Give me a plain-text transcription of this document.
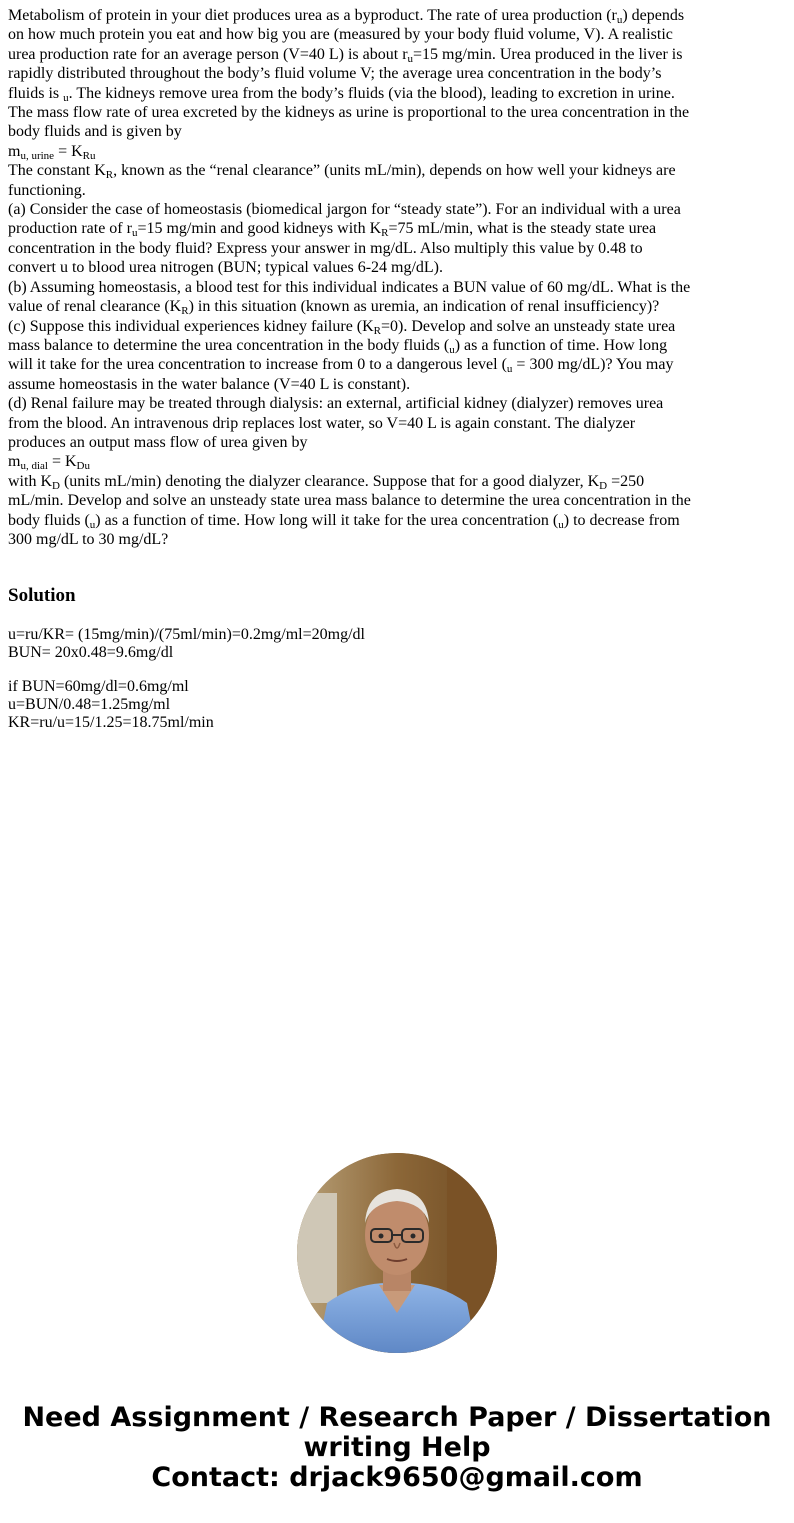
Metabolism of protein in your diet produces urea as a byproduct. The rate of urea production $(r_u)$ depends on how much protein you eat and how big you are (measured by your body fluid volume, V). A realistic urea production rate for an average person (V=40 L) is about $r_u=15$ mg/min. Urea produced in the liver is rapidly distributed throughout the body’s fluid volume V; the average urea concentration in the body’s fluids is $_u$. The kidneys remove urea from the body’s fluids (via the blood), leading to excretion in urine. The mass flow rate of urea excreted by the kidneys as urine is proportional to the urea concentration in the body fluids and is given by

$m_{u, urine} = K_{Ru}$

The constant $K_R$, known as the “renal clearance” (units mL/min), depends on how well your kidneys are functioning.

(a) Consider the case of homeostasis (biomedical jargon for “steady state”). For an individual with a urea production rate of $r_u=15$ mg/min and good kidneys with $K_R=75$ mL/min, what is the steady state urea concentration in the body fluid? Express your answer in mg/dL. Also multiply this value by 0.48 to convert u to blood urea nitrogen (BUN; typical values 6-24 mg/dL).

(b) Assuming homeostasis, a blood test for this individual indicates a BUN value of 60 mg/dL. What is the value of renal clearance $(K_R)$ in this situation (known as uremia, an indication of renal insufficiency)?

(c) Suppose this individual experiences kidney failure $(K_R=0)$. Develop and solve an unsteady state urea mass balance to determine the urea concentration in the body fluids $(_u)$ as a function of time. How long will it take for the urea concentration to increase from 0 to a dangerous level ($_u = 300$ mg/dL)? You may assume homeostasis in the water balance (V=40 L is constant).

(d) Renal failure may be treated through dialysis: an external, artificial kidney (dialyzer) removes urea from the blood. An intravenous drip replaces lost water, so V=40 L is again constant. The dialyzer produces an output mass flow of urea given by

$m_{u, dial} = K_{Du}$

with $K_D$ (units mL/min) denoting the dialyzer clearance. Suppose that for a good dialyzer, $K_D =250$ mL/min. Develop and solve an unsteady state urea mass balance to determine the urea concentration in the body fluids $(_u)$ as a function of time. How long will it take for the urea concentration $(_u)$ to decrease from 300 mg/dL to 30 mg/dL?

Solution
u=ru/KR= (15mg/min)/(75ml/min)=0.2mg/ml=20mg/dl
BUN= 20x0.48=9.6mg/dl
if BUN=60mg/dl=0.6mg/ml
u=BUN/0.48=1.25mg/ml
KR=ru/u=15/1.25=18.75ml/min
Need Assignment / Research Paper / Dissertation
writing Help
Contact: drjack9650@gmail.com
